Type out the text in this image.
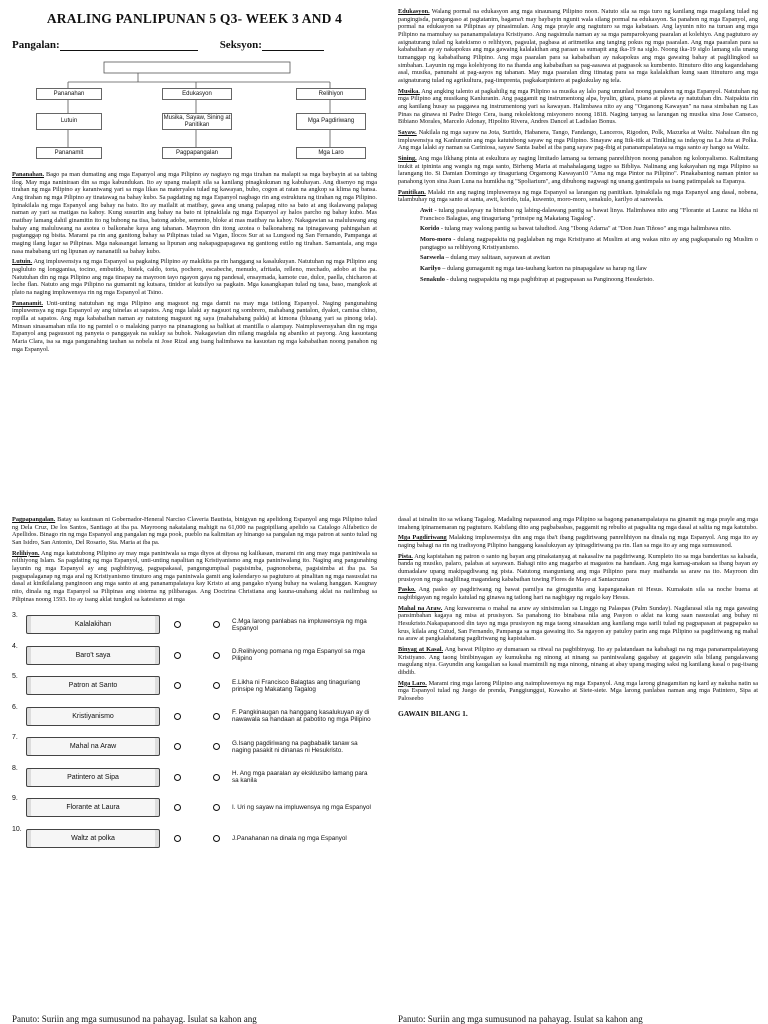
ARALING PANLIPUNAN 5 Q3- WEEK 3 AND 4
Pangalan:	Seksyon:
Pananahan	Edukasyon	Relihiyon
Lutuin
Musika, Sayaw, Sining at Panitikan
Mga Pagdiriwang
Pananamit	Pagpapangalan	Mga Laro

Pananahan. Bago pa man dumating ang mga Espanyol ang mga Pilipino ay nagtayo ng mga tirahan na malapit sa mga baybayin at sa tabing ilog. May mga naniniraan din sa mga kabundukan. Ito ay upang malapit sila sa kanilang pinagkukunan ng kabuhayan. Ang disenyo ng mga tirahan ng mga Pilipino ay karaniwang yari sa mga likas na materyales tulad ng kawayan, buho, cogon at ratan na angkop sa klima ng bansa. Ang tirahan ng mga Pilipino ay tinatawag na bahay kubo. Sa pagdating ng mga Espanyol nagbago rin ang estruktura ng tirahan ng mga Pilipino. Ipinakilala ng mga Espanyol ang bahay na bato. Ito ay mailalit at matibay, gawa ang unang palapag nito sa bato at ang ikalawang palapag naman ay yari sa matigas na kahoy. Kung susuriin ang bahay na bato ni ipinakilala ng mga Espanyol ay halos parcho ng bahay kubo. Mas matibay lamang dahil ginamitin ito ng bubong na tisa, batong adobe, semento, bloke at mas matibay na kahoy. Nakagawian sa maluluwang ang bahay ang maluluwang na asotea o balkonahe kaya ang tahanan. Mayroon din itong azotea o balkonaheng na ipinagawang pahingahan at pagtanggap ng bisita. Marami pa rin ang ganitong bahay sa Pilipinas tulad sa Vigan, Ilocos Sur at sa Lungsod ng San Fernando, Pampanga at maging ilang lugar sa Pilipinas. Mga nakasangat lamang sa lipunan ang nakapagpapagawa ng ganitong estilo ng tirahan. Samantala, ang mga nasa mababang uri ng lipunan ay nananatili sa bahay kubo.

Lutuin. Ang impluwensiya ng mga Espanyol sa pagkaing Pilipino ay makikita pa rin hanggang sa kasalukuyan. Natutuhan ng mga Pilipino ang pagluluto ng longganisa, tocino, embutido, bistek, caldo, torta, pochero, escabeche, menudo, afritada, relleno, mechado, adobo at iba pa. Natutuhan din ng mga Pilipino ang mga tinapay na mayroon tayo ngayon gaya ng pandesal, ensaymada, kamote cue, dulce, paella, chicharon at leche flan. Natuto ang mga Pilipino na gumamit ng kutsara, tinidor at kutsilyo sa pagkain. Mga kasangkapan tulad ng tasa, baso, mangkok at plato na naging impluwensya rin ng mga Espanyol at Tsino.

Pananamit. Unti-unting natutuhan ng mga Pilipino ang magsuot ng mga damit na may mga istilong Espanyol. Naging pangunahing impluwensya ng mga Espanyol ay ang tsinelas at sapatos. Ang mga lalaki ay nagsuot ng sombrero, mahabang pantalon, dyaket, camisa chino, ropilla at sapatos. Ang mga kababaihan naman ay natutong magsuot ng saya (mahahabang palda) at kimona (blusang yari sa pinong tela). Minsan sinasamahan nila ito ng pamtel o o malaking panyo na pinanagtong sa balikat at mantilla o alampay. Naimpluwensyahan din ng mga Espanyol ang pagsusuot ng panyeta o panggayak na suklay sa buhok. Nakagawian din nilang magdala ng abaniko at payong. Ang kasuotang Maria Clara, isa sa mga pangunahing tauhan sa nobela ni Jose Rizal ang isang halimbawa na kasuotan ng mga kababaihan noong panahon ng mga Espanyol.

Edukasyon. Walang pormal na edukasyon ang mga sinaunang Pilipino noon. Natuto sila sa mga turo ng kanilang mga magulang tulad ng pangingisda, pangangaso at pagtatanim, bagama't may baybayin ngunit wala silang pormal na edukasyon. Sa panahon ng mga Espanyol, ang pormal na edukasyon sa Pilipinas ay pinasimulan. Ang mga prayle ang nagtuturo sa mga kabataan. Ang layunin nito na turuan ang mga Pilipino na mamuhay sa pananampalataya Kristiyano. Ang nagsimula naman ay sa mga pamparokyang paaralan at kolehiyo. Ang pagtuturo ay asignaturang tulad ng katekismo o relihiyon, pagsulat, pagbasa at aritmetika ang tanging pokus ng mga paaralan. Ang mga paaralan para sa kababaihan ay ay nakapokus ang mga gawaing kalalakihan ang paraan sa sumapit ang ika-19 na siglo. Noong ika-19 siglo lamang sila unang tumanggap ng kababaihang Pilipino. Ang mga paaralan para sa kababaihan ay nakapokus ang mga gawaing bahay at paglilingkod sa simbahan. Layunin ng mga kolehiyong ito na ihanda ang kababaihan sa pag-aasawa at pagpasok sa kumbento. Itinuturo dito ang kagandahang asal, musika, panunahi at pag-aayos ng tahanan. May mga paaralan ding itinatag para sa mga kalalakihan kung saan itinuturo ang mga asignaturang tulad ng agrikultura, pag-iimprenta, pagkakarpintero at pagkukulay ng tela.

Musika. Ang angking talento at pagkahilig ng mga Pilipino sa musika ay lalo pang umunlad noong panahon ng mga Espanyol. Natutuhan ng mga Pilipino ang musikang Kanluranin. Ang paggamit ng instrumentong alpa, byulin, gitara, piano at plawta ay natutuhan din. Naipakita rin ang kanilang husay sa paggawa ng instrumentong yari sa kawayan. Halimbawa nito ay ang "Organong Kawayan" na nasa simbahan ng Las Pinas na ginawa ni Padre Diego Cera, isang rekolektong misyonero noong 1818. Naging tanyag sa larangan ng musika sina Jose Canseco, Bibiano Morales, Marcelo Adonay, Hipolito Rivera, Andres Dancel at Ladislao Bonus.

Sayaw. Nakilala ng mga sayaw na Jota, Surtido, Habanera, Tango, Fandango, Lanceros, Rigodon, Polk, Mazurka at Waltz. Nahaluan din ng impluwensiya ng Kanluranin ang mga katutubong sayaw ng mga Pilipino. Sinayaw ang Itik-itik at Tinikling sa indayog na La Jota at Polka. Ang mga lalaki ay naman sa Cariniosa, sayaw Santa Isabel at iba pang sayaw pag-ibig at pananampalataya sa mga santo ay hango sa Waltz.

Sining. Ang mga likhang pinta at eskultura ay naging limitado lamang sa temang panrelihiyon noong panahon ng kolonyalismo. Kalimitang inukit at ipininta ang wangis ng mga santo, Birheng Maria at mahahalagang tagpo sa Bibliya. Nalinang ang kakayahan ng mga Pilipino sa larangang ito. Si Damian Domingo ay tinaguriang Orgamong Kawayan10 "Ama ng mga Pintor na Pilipino". Pinakabantog naman pintor sa panahong iyon sina Juan Luna na humikha ng "Spoliarium", ang dibuhong nagwagi ng unang gantimpala sa isang patimpalak sa Espanya.

Panitikan. Malaki rin ang naging impluwensya ng mga Espanyol sa larangan ng panitikan. Ipinakilala ng mga Espanyol ang dasal, nobena, talambuhay ng mga santo at santa, awit, korido, tula, kuwento, moro-moro, senakulo, karilyo at sarswela.

Awit - tulang pasalaysay na binubuo ng labing-dalawang pantig sa bawat linya. Halimbawa nito ang "Florante at Laura: na likha ni Francisco Balagtas, ang tinaguriang "prinsipe ng Makatang Tagalog".

Korido - tulang may walong pantig sa bawat taludtod. Ang "Ibong Adarna" at "Don Juan Tiñoso" ang mga halimbawa nito.

Moro-moro - dulang nagpapakita ng paglalaban ng mga Kristiyano at Muslim at ang wakas nito ay ang pagkapanalo ng Muslim o pangtagpo sa relihiyong Kristiyanismo.

Sarswela – dulang may salitaan, sayawan at awitan

Karilyo – dulang gumagamit ng mga tau-tauhang karton na pinapagalaw sa harap ng ilaw

Senakulo - dulang nagpapakita ng mga pagbibirap at pagpapasan sa Panginoong Hesukristo.

Pagpapangalan. Batay sa kautusan ni Gobernador-Heneral Narciso Claveria Bautista, binigyan ng apelidong Espanyol ang mga Pilipino tulad ng Dela Cruz, De los Santos, Santiago at iba pa. Mayroong nakatalang mahigit na 61,000 na pagpipiliang apelido sa Catalogo Alfabetico de Apellidos. Binago rin ng mga Espanyol ang pangalan ng mga pook, pueblo na kalimitan ay hinango sa pangalan ng mga patron at santo tulad ng San Isidro, San Antonio, Del Rosario, Sta. Maria at iba pa.

Relihiyon. Ang mga katutubong Pilipino ay may mga paniniwala sa mga diyos at diyosa ng kalikasan, marami rin ang may mga paniniwala sa relihiyong Islam. Sa pagdating ng mga Espanyol, unti-unting napalitan ng Kristiyanismo ang mga paniniwalang ito. Naging ang pangunahing layunin ng mga Espanyol ay ang pagbibinyag, pagpapakasal, pangungumpisal pagsisimba, pagnonobena, pagsisimba at iba pa. Sa pagpapalaganap ng mga aral ng Kristiyanismo tinuturo ang mga paniniwala gamit ang kalendaryo sa pagtuturo at pinalitan ng mga nasusulat na dasal at kinikilalang panginoon ang mga santo at ang pananampalataya kay Kristo at ang pangako n'yang buhay na walang hanggan. Kaugnay nito, dinala ng mga Espanyol sa Pilipinas ang sistema ng pilibaragas. Ang Doctrina Christiana ang kauna-unahang aklat na nailimbag sa Pilipinas noong 1593. Ito ay isang aklat tungkol sa katesismo at mga

3.
Kalalakihan
C.Mga larong panlabas na impluwensya ng mga Espanyol
4.
Baro't saya
D.Relihiyong pomana ng mga Espanyol sa mga Pilipino
5.
Patron at Santo
E.Likha ni Francisco Balagtas ang tinaguriang prinsipe ng Makatang Tagalog
6.
Kristiyanismo
F. Pangkinaugan na hanggang kasalukuyan ay di nawawala sa handaan at pabotito ng mga Pilipino
7.
Mahal na Araw
G.Isang pagdiriwang na pagbabalik tanaw sa naging pasakit ni dinanas ni Hesukristo.
8.
Patintero at Sipa
H. Ang mga paaralan ay eksklusibo lamang para sa kanila
9.
Florante at Laura	I. Uri ng sayaw na impluwensya ng mga Espanyol
10.
Waltz at polka	J.Panahanan na dinala ng mga Espanyol

dasal at isinalin ito sa wikang Tagalog. Madaling napasunod ang mga Pilipino sa bagong pananampalataya na ginamit ng mga prayle ang mga imaheng ipinamemaran ng pagtuturo. Kabilang dito ang pagbabasbas, paggamit ng rebulto at pagsalita ng mga dasal at salita ng mga katutubo.

Mga Pagdiriwang Malaking impluwensiya din ang mga iba't ibang pagdiriwang panrelihiyon na dinala ng mga Espanyol. Ang mga ito ay naging bahagi na rin ng tradisyong Pilipino hanggang kasalukuyan ay ipinagdiriwang pa rin. Ilan sa mga ito ay ang mga sumusunod.

Pista. Ang kapistahan ng patron o santo ng bayan ang pinakatanyag at nakasaliw na pagdiriwang. Kumpleto ito sa mga banderitas sa kalsada, banda ng musiko, palaro, palabas at sayawan. Bahagi nito ang magarbo at magastos na handaan. Ang mga kamag-anakan sa ibang bayan ay dumadalaw upang makipagdiwang ng pista. Natutong manguntang ang mga Pilipino para may maihanda sa araw na ito. Mayroon din prusisyon ng mga naglilinag magandang kababaihan tuwing Flores de Mayo at Santacruzan

Pasko. Ang pasko ay pagdiriwang ng bawat pamilya na ginugunita ang kapanganakan ni Hesus. Kumakain sila sa noche buena at nagbibigayan ng regalo katulad ng ginawa ng tatlong hari na nagbigay ng regalo kay Hesus.

Mahal na Araw. Ang kuwaresma o mahal na araw ay sinisimulan sa Linggo ng Palaspas (Palm Sunday). Nagdarasal sila ng mga gawaing pansimbahan kagaya ng misa at prusisyon. Sa panahong ito binabasa nila ang Pasyon o aklat na kung saan nasusulat ang buhay ni Hesukristo.Nakapapanood din tayo ng mga prusisyon ng mga taong sinasaktan ang kanilang mga sarili tulad ng pagpapasan at pagpapako sa krus, kilala ang Cutud, San Fernando, Pampanga sa mga gawaing ito. Sa ngayon ay patuloy parin ang mga Pilipino sa pagdiriwang ng mahal na araw at pangkalahatang pagdiriwang ng kapistahan.

Binyag at Kasal. Ang bawat Pilipino ay dumaraan sa ritwal na pagbibinyag. Ito ay palatandaan na kabahagi na ng mga pananampalatayang Kristiyano. Ang taong binibinyagan ay kumukuha ng ninong at ninang sa paniniwalang gagabay at gagawin sila bilang pangalawang magulang niya. Gayundin ang kaugalian sa kasal mamimili ng mga ninong, ninang at abay upang maging saksi ng kanilang kasal o pag-iisang dibdib.

Mga Laro. Marami ring mga larong Pilipino ang naimpluwensya ng mga Espanyol. Ang mga larong ginagamitan ng kard ay nakuha natin sa mga Espanyol tulad ng Juego de prenda, Panggiunggui, Kuwaho at Siete-siete. Mga larong panlabas naman ang mga Patintero, Sipa at Paloseebo

GAWAIN BILANG 1.
Panuto: Suriin ang mga sumusunod na pahayag. Isulat sa kahon ang	Panuto: Suriin ang mga sumusunod na pahayag. Isulat sa kahon ang
